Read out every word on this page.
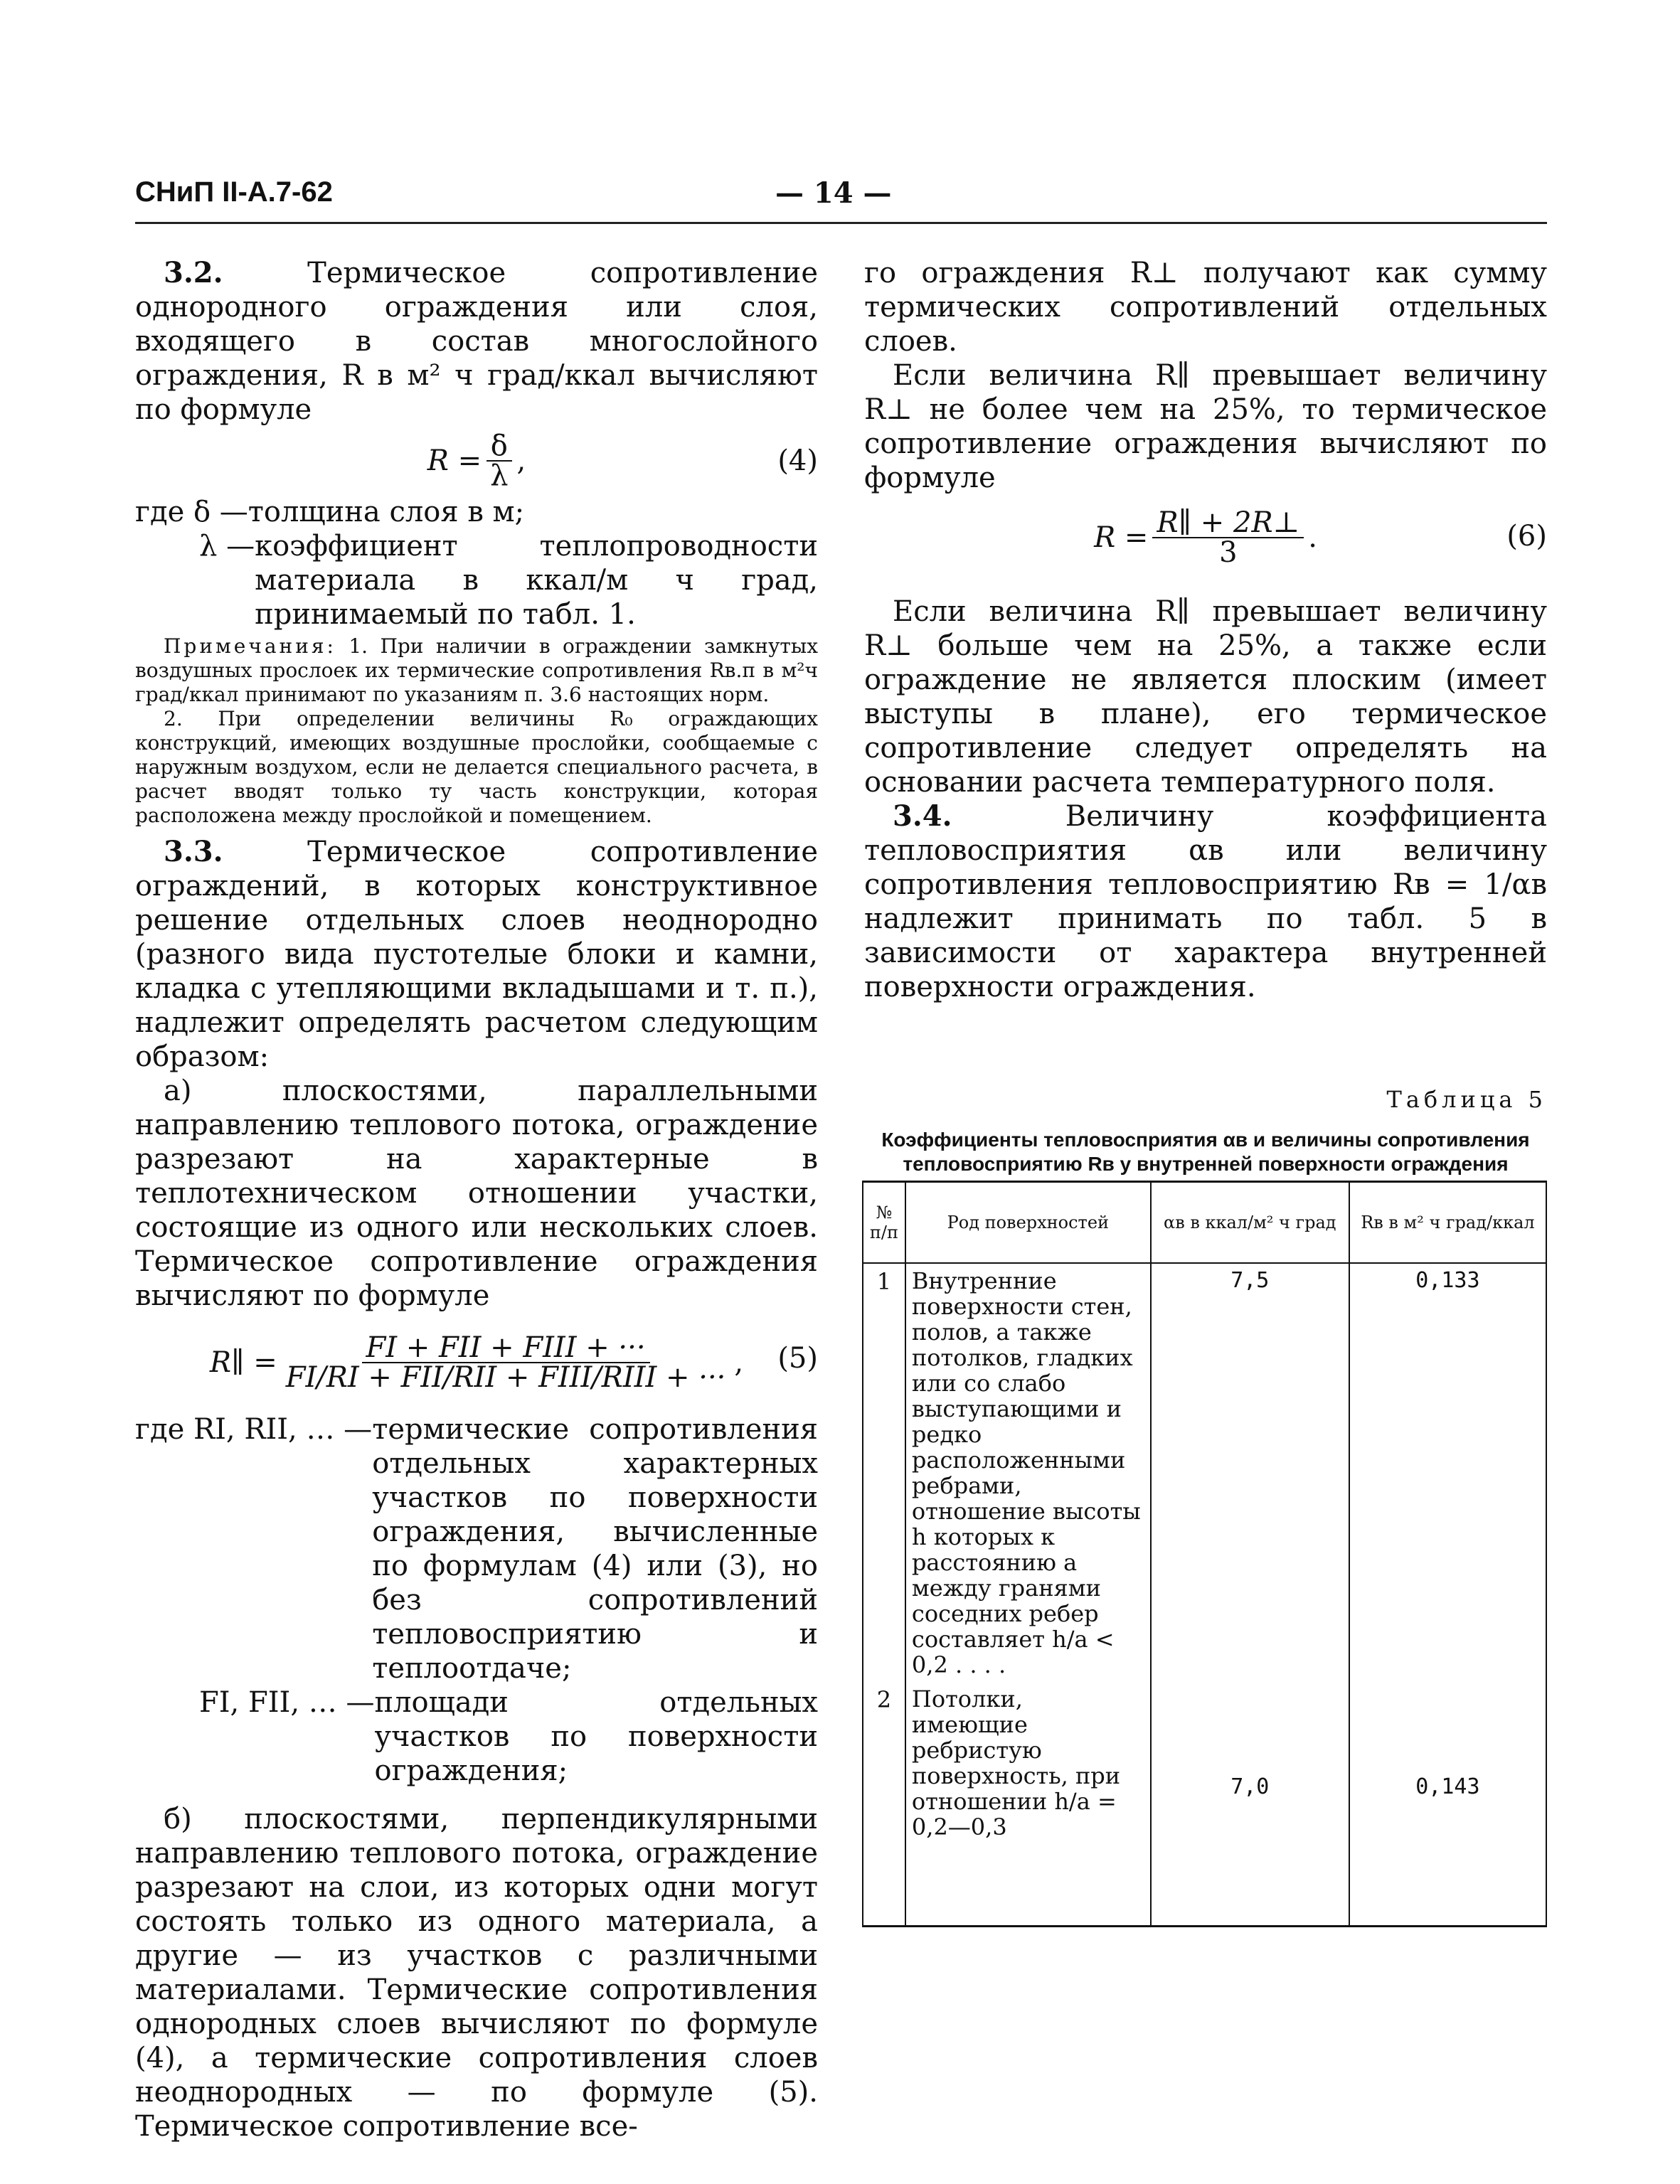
СНиП II-А.7-62	— 14 —

3.2. Термическое сопротивление однородного ограждения или слоя, входящего в состав многослойного ограждения, R в м² ч град/ккал вычисляют по формуле

$R = \frac{\delta}{\lambda}$ ,	(4)
где δ — толщина слоя в м;
λ — коэффициент теплопроводности материала в ккал/м ч град, принимаемый по табл. 1.

Примечания: 1. При наличии в ограждении замкнутых воздушных прослоек их термические сопротивления Rв.п в м²ч град/ккал принимают по указаниям п. 3.6 настоящих норм.

2. При определении величины R₀ ограждающих конструкций, имеющих воздушные прослойки, сообщаемые с наружным воздухом, если не делается специального расчета, в расчет вводят только ту часть конструкции, которая расположена между прослойкой и помещением.

3.3. Термическое сопротивление ограждений, в которых конструктивное решение отдельных слоев неоднородно (разного вида пустотелые блоки и камни, кладка с утепляющими вкладышами и т. п.), надлежит определять расчетом следующим образом:

а) плоскостями, параллельными направлению теплового потока, ограждение разрезают на характерные в теплотехническом отношении участки, состоящие из одного или нескольких слоев. Термическое сопротивление ограждения вычисляют по формуле

R∥ = $\frac{\text{FI + FII + FIII + ···}}{\text{FI/RI + FII/RII + FIII/RIII + ···}}$ , (5)
где RI, RII, … — термические сопротивления отдельных характерных участков по поверхности ограждения, вычисленные по формулам (4) или (3), но без сопротивлений тепловосприятию и теплоотдаче;
FI, FII, … — площади отдельных участков по поверхности ограждения;

б) плоскостями, перпендикулярными направлению теплового потока, ограждение разрезают на слои, из которых одни могут состоять только из одного материала, а другие — из участков с различными материалами. Термические сопротивления однородных слоев вычисляют по формуле (4), а термические сопротивления слоев неоднородных — по формуле (5). Термическое сопротивление все-

го ограждения R⊥ получают как сумму термических сопротивлений отдельных слоев.

Если величина R∥ превышает величину R⊥ не более чем на 25%, то термическое сопротивление ограждения вычисляют по формуле

$R = \frac{R\parallel + 2R\perp}{3}$ .	(6)

Если величина R∥ превышает величину R⊥ больше чем на 25%, а также если ограждение не является плоским (имеет выступы в плане), его термическое сопротивление следует определять на основании расчета температурного поля.

3.4. Величину коэффициента тепловосприятия αв или величину сопротивления тепловосприятию Rв = 1/αв надлежит принимать по табл. 5 в зависимости от характера внутренней поверхности ограждения.

Таблица 5

Коэффициенты тепловосприятия αв и величины сопротивления тепловосприятию Rв у внутренней поверхности ограждения

№ п/п	Род поверхностей	αв в ккал/м² ч град	Rв в м² ч град/ккал
1	Внутренние поверхности стен, полов, а также потолков, гладких или со слабо выступающими и редко расположенными ребрами, отношение высоты h которых к расстоянию a между гранями соседних ребер составляет h/a < 0,2 . . . .	7,5	0,133
2	Потолки, имеющие ребристую поверхность, при отношении h/a = 0,2—0,3	7,0	0,143
